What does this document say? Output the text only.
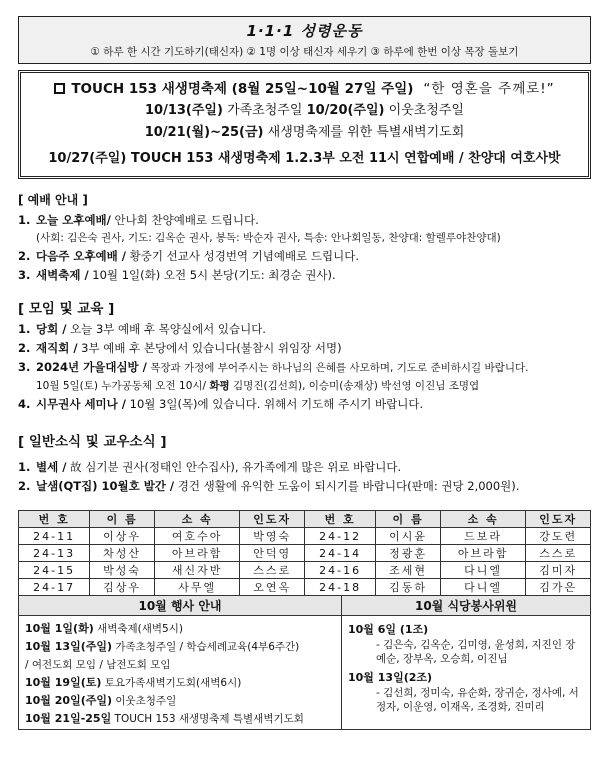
1·1·1 성령운동
① 하루 한 시간 기도하기(태신자) ② 1명 이상 태신자 세우기 ③ 하루에 한번 이상 목장 돌보기
TOUCH 153 새생명축제 (8월 25일~10월 27일 주일) “한 영혼을 주께로!”
10/13(주일) 가족초청주일 10/20(주일) 이웃초청주일
10/21(월)~25(금) 새생명축제를 위한 특별새벽기도회
10/27(주일) TOUCH 153 새생명축제 1.2.3부 오전 11시 연합예배 / 찬양대 여호사밧
[ 예배 안내 ]
1. 오늘 오후예배/ 안나회 찬양예배로 드립니다.
(사회: 김은숙 권사, 기도: 김옥순 권사, 봉독: 박순자 권사, 특송: 안나회일동, 찬양대: 할렐루야찬양대)
2. 다음주 오후예배 / 황중기 선교사 성경번역 기념예배로 드립니다.
3. 새벽축제 / 10월 1일(화) 오전 5시 본당(기도: 최경순 권사).
[ 모임 및 교육 ]
1. 당회 / 오늘 3부 예배 후 목양실에서 있습니다.
2. 재직회 / 3부 예배 후 본당에서 있습니다(불참시 위임장 서명)
3. 2024년 가을대심방 / 목장과 가정에 부어주시는 하나님의 은혜를 사모하며, 기도로 준비하시길 바랍니다.
10월 5일(토) 누가공동체 오전 10시/ 화평 김명진(김선희), 이승미(송재상) 박선영 이진님 조명엽
4. 시무권사 세미나 / 10월 3일(목)에 있습니다. 위해서 기도해 주시기 바랍니다.
[ 일반소식 및 교우소식 ]
1. 별세 / 故 심기분 권사(정태인 안수집사), 유가족에게 많은 위로 바랍니다.
2. 날샘(QT집) 10월호 발간 / 경건 생활에 유익한 도움이 되시기를 바랍니다(판매: 권당 2,000원).
번 호	이 름	소 속	인도자	번 호	이 름	소 속	인도자
24-11	이상우	여호수아	박영숙	24-12	이시윤	드보라	강도련
24-13	차성산	아브라함	안덕영	24-14	정광훈	아브라함	스스로
24-15	박성숙	새신자반	스스로	24-16	조세현	다니엘	김미자
24-17	김상우	사무엘	오연옥	24-18	김동하	다니엘	김가은
10월 행사 안내
10월 1일(화) 새벽축제(새벽5시)
10월 13일(주일) 가족초청주일 / 학습세례교육(4부6주간)
/ 여전도회 모임 / 남전도회 모임
10월 19일(토) 토요가족새벽기도회(새벽6시)
10월 20일(주일) 이웃초청주일
10월 21일-25일 TOUCH 153 새생명축제 특별새벽기도회
10월 식당봉사위원
10월 6일 (1조)
- 김은숙, 김옥순, 김미영, 윤성희, 지진인 장예순, 장부옥, 오승희, 이진님
10월 13일(2조)
- 김선희, 정미숙, 유순화, 장귀순, 정사예, 서정자, 이운영, 이재옥, 조경화, 진미리
